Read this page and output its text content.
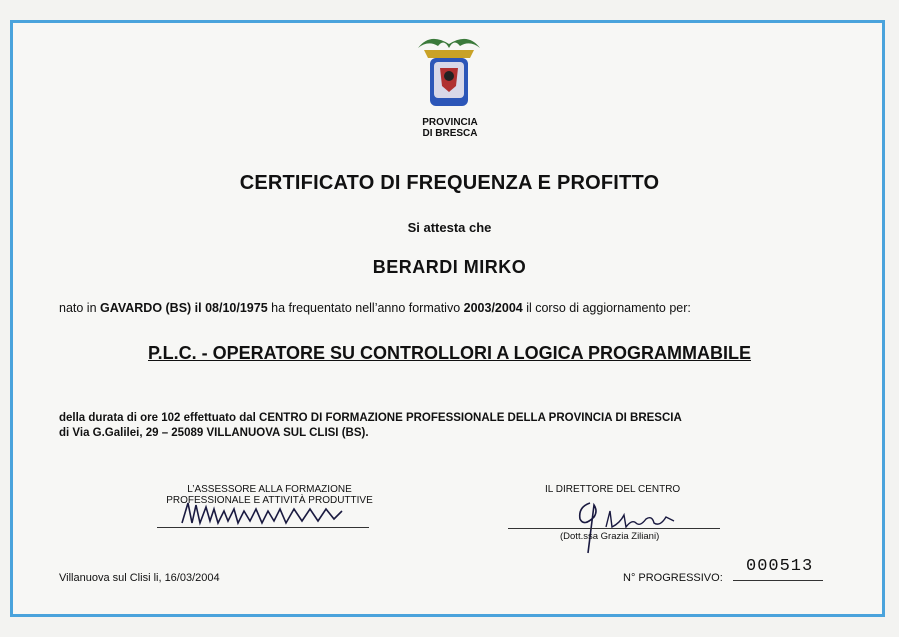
PROVINCIA
DI BRESCA
CERTIFICATO DI FREQUENZA E PROFITTO
Si attesta che
BERARDI MIRKO
nato in GAVARDO (BS) il 08/10/1975 ha frequentato nell’anno formativo 2003/2004 il corso di aggiornamento per:
P.L.C. - OPERATORE SU CONTROLLORI A LOGICA PROGRAMMABILE
della durata di ore 102 effettuato dal CENTRO DI FORMAZIONE PROFESSIONALE DELLA PROVINCIA DI BRESCIA
di Via G.Galilei, 29 – 25089 VILLANUOVA SUL CLISI (BS).
L’ASSESSORE ALLA FORMAZIONE
PROFESSIONALE E ATTIVITÀ PRODUTTIVE
IL DIRETTORE DEL CENTRO
(Dott.ssa Grazia Ziliani)
Villanuova sul Clisi li, 16/03/2004	N° PROGRESSIVO:
000513
